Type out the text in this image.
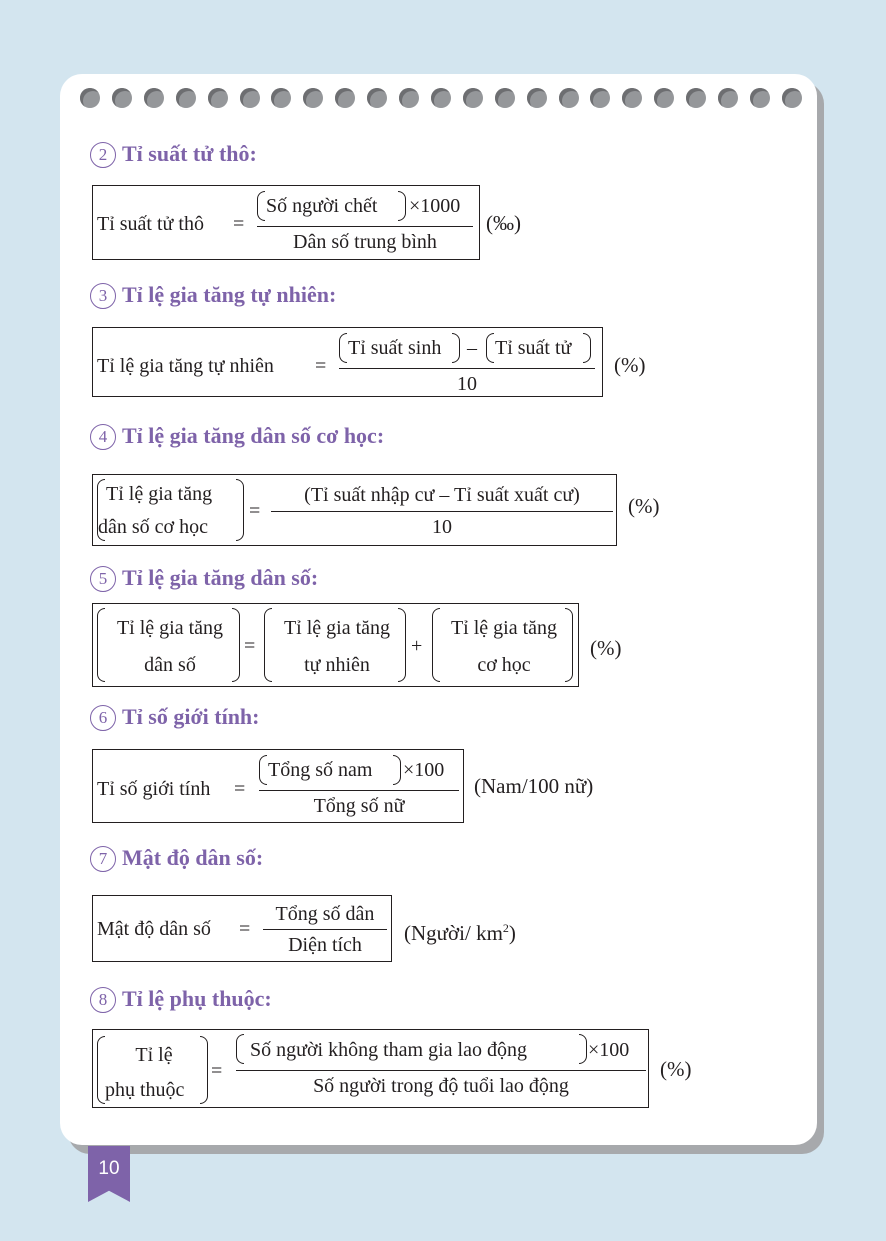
2 Tỉ suất tử thô:
Tỉ suất tử thô =
Số người chết ×1000
Dân số trung bình
(‰)
3 Tỉ lệ gia tăng tự nhiên:
Tỉ lệ gia tăng tự nhiên =
Tỉ suất sinh – Tỉ suất tử
10
(%)
4 Tỉ lệ gia tăng dân số cơ học:
Tỉ lệ gia tăng
dân số cơ học
=
(Tỉ suất nhập cư – Tỉ suất xuất cư)
10
(%)
5 Tỉ lệ gia tăng dân số:
Tỉ lệ gia tăng
dân số
=
Tỉ lệ gia tăng
tự nhiên
+
Tỉ lệ gia tăng
cơ học
(%)
6 Tỉ số giới tính:
Tỉ số giới tính =
Tổng số nam ×100
Tổng số nữ
(Nam/100 nữ)
7 Mật độ dân số:
Mật độ dân số =
Tổng số dân
Diện tích	(Người/ $km^2$)
8 Tỉ lệ phụ thuộc:
Tỉ lệ
phụ thuộc
=
Số người không tham gia lao động	×100
Số người trong độ tuổi lao động
(%)
10
